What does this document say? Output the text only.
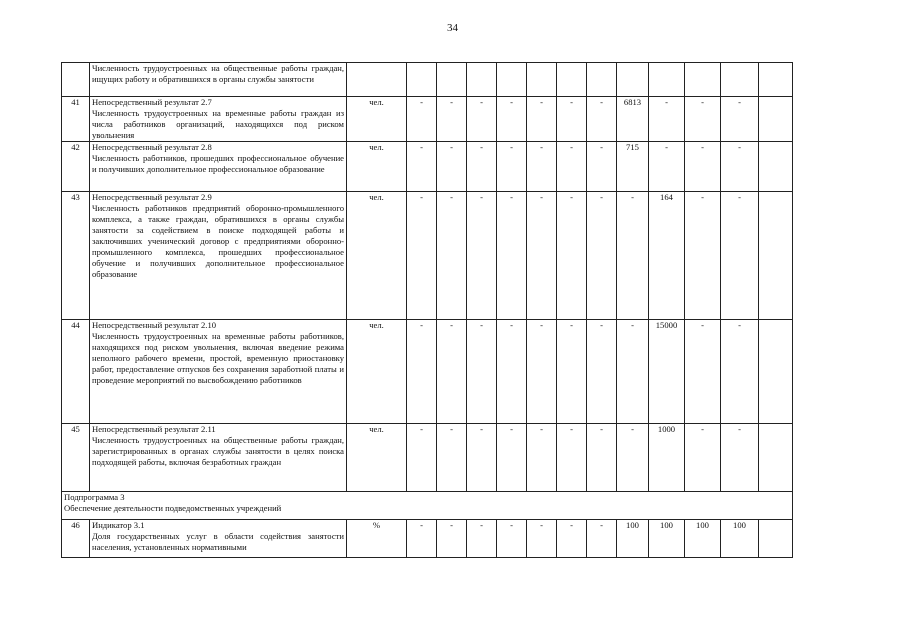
34

	Численность трудоустроенных на общественные работы граждан, ищущих работу и обратившихся в органы службы занятости													

41	Непосредственный результат 2.7
Численность трудоустроенных на временные работы граждан из числа работников организаций, находящихся под риском увольнения	чел.	-	-	-	-	-	-	-	6813	-	-	-	
42	Непосредственный результат 2.8
Численность работников, прошедших профессиональное обучение и получивших дополнительное профессиональное образование	чел.	-	-	-	-	-	-	-	715	-	-	-	
43	Непосредственный результат 2.9
Численность работников предприятий оборонно-промышленного комплекса, а также граждан, обратившихся в органы службы занятости за содействием в поиске подходящей работы и заключивших ученический договор с предприятиями оборонно-промышленного комплекса, прошедших профессиональное обучение и получивших дополнительное профессиональное образование	чел.	-	-	-	-	-	-	-	-	164	-	-	
44	Непосредственный результат 2.10
Численность трудоустроенных на временные работы работников, находящихся под риском увольнения, включая введение режима неполного рабочего времени, простой, временную приостановку работ, предоставление отпусков без сохранения заработной платы и проведение мероприятий по высвобождению работников	чел.	-	-	-	-	-	-	-	-	15000	-	-	
45	Непосредственный результат 2.11
Численность трудоустроенных на общественные работы граждан, зарегистрированных в органах службы занятости в целях поиска подходящей работы, включая безработных граждан	чел.	-	-	-	-	-	-	-	-	1000	-	-	

Подпрограмма 3
Обеспечение деятельности подведомственных учреждений														

46	Индикатор 3.1
Доля государственных услуг в области содействия занятости населения, установленных нормативными	%	-	-	-	-	-	-	-	100	100	100	100	
